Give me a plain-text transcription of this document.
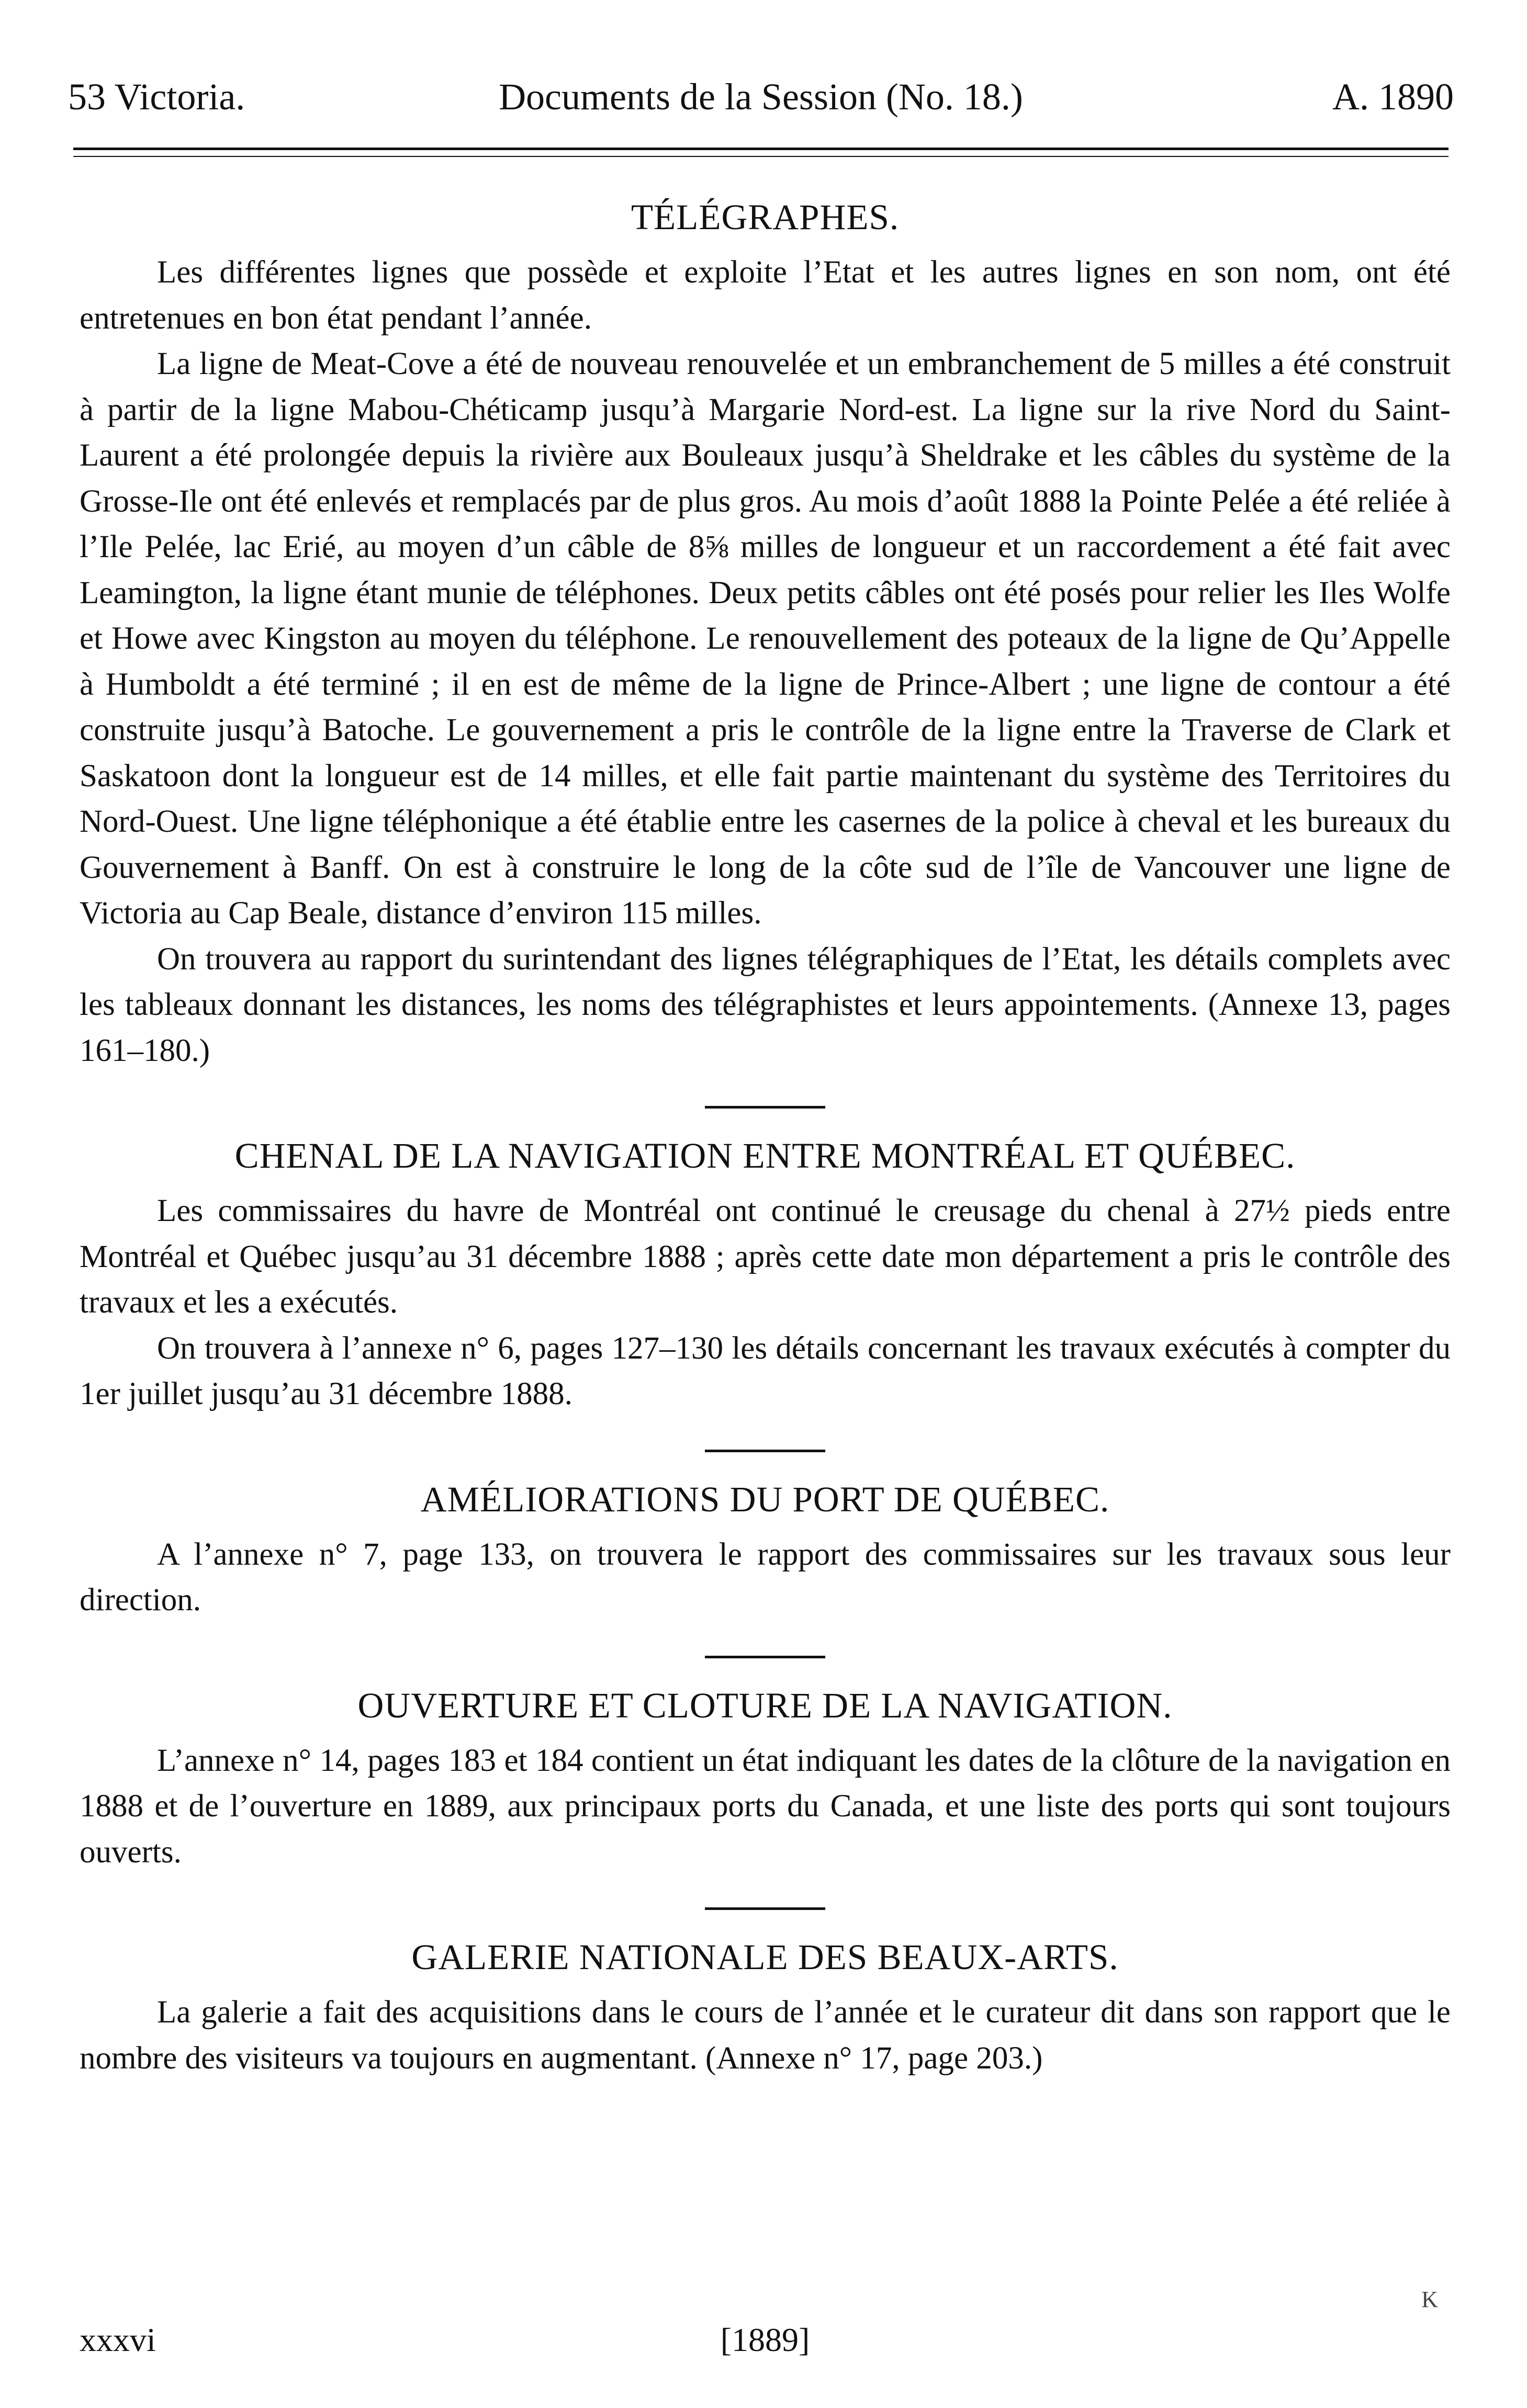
53 Victoria.	Documents de la Session (No. 18.)	A. 1890
TÉLÉGRAPHES.

Les différentes lignes que possède et exploite l’Etat et les autres lignes en son nom, ont été entretenues en bon état pendant l’année.

La ligne de Meat-Cove a été de nouveau renouvelée et un embranchement de 5 milles a été construit à partir de la ligne Mabou-Chéticamp jusqu’à Margarie Nord-est. La ligne sur la rive Nord du Saint-Laurent a été prolongée depuis la rivière aux Bouleaux jusqu’à Sheldrake et les câbles du système de la Grosse-Ile ont été enlevés et remplacés par de plus gros. Au mois d’août 1888 la Pointe Pelée a été reliée à l’Ile Pelée, lac Erié, au moyen d’un câble de 8⅝ milles de longueur et un raccordement a été fait avec Leamington, la ligne étant munie de téléphones. Deux petits câbles ont été posés pour relier les Iles Wolfe et Howe avec Kingston au moyen du téléphone. Le renouvellement des poteaux de la ligne de Qu’Appelle à Humboldt a été terminé ; il en est de même de la ligne de Prince-Albert ; une ligne de contour a été construite jusqu’à Batoche. Le gouvernement a pris le contrôle de la ligne entre la Traverse de Clark et Saskatoon dont la longueur est de 14 milles, et elle fait partie maintenant du système des Territoires du Nord-Ouest. Une ligne téléphonique a été établie entre les casernes de la police à cheval et les bureaux du Gouvernement à Banff. On est à construire le long de la côte sud de l’île de Vancouver une ligne de Victoria au Cap Beale, distance d’environ 115 milles.

On trouvera au rapport du surintendant des lignes télégraphiques de l’Etat, les détails complets avec les tableaux donnant les distances, les noms des télégraphistes et leurs appointements. (Annexe 13, pages 161–180.)

CHENAL DE LA NAVIGATION ENTRE MONTRÉAL ET QUÉBEC.

Les commissaires du havre de Montréal ont continué le creusage du chenal à 27½ pieds entre Montréal et Québec jusqu’au 31 décembre 1888 ; après cette date mon département a pris le contrôle des travaux et les a exécutés.

On trouvera à l’annexe n° 6, pages 127–130 les détails concernant les travaux exécutés à compter du 1er juillet jusqu’au 31 décembre 1888.

AMÉLIORATIONS DU PORT DE QUÉBEC.

A l’annexe n° 7, page 133, on trouvera le rapport des commissaires sur les travaux sous leur direction.

OUVERTURE ET CLOTURE DE LA NAVIGATION.

L’annexe n° 14, pages 183 et 184 contient un état indiquant les dates de la clôture de la navigation en 1888 et de l’ouverture en 1889, aux principaux ports du Canada, et une liste des ports qui sont toujours ouverts.

GALERIE NATIONALE DES BEAUX-ARTS.

La galerie a fait des acquisitions dans le cours de l’année et le curateur dit dans son rapport que le nombre des visiteurs va toujours en augmentant. (Annexe n° 17, page 203.)

K
xxxvi	[1889]
